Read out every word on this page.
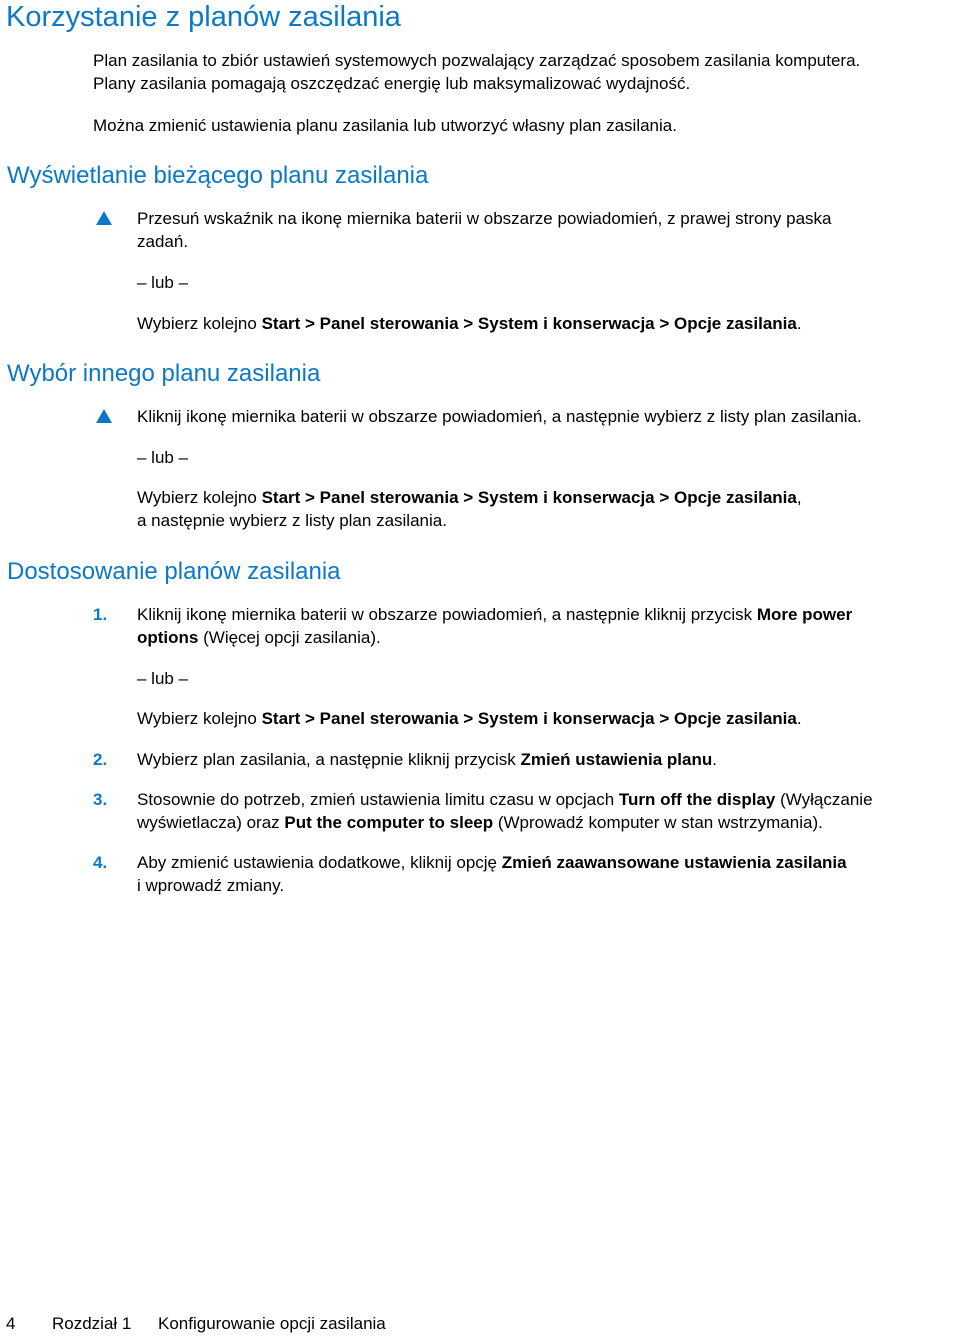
Korzystanie z planów zasilania

Plan zasilania to zbiór ustawień systemowych pozwalający zarządzać sposobem zasilania komputera.

Plany zasilania pomagają oszczędzać energię lub maksymalizować wydajność.

Można zmienić ustawienia planu zasilania lub utworzyć własny plan zasilania.

Wyświetlanie bieżącego planu zasilania

Przesuń wskaźnik na ikonę miernika baterii w obszarze powiadomień, z prawej strony paska

zadań.

– lub –

Wybierz kolejno Start > Panel sterowania > System i konserwacja > Opcje zasilania.

Wybór innego planu zasilania

Kliknij ikonę miernika baterii w obszarze powiadomień, a następnie wybierz z listy plan zasilania.

– lub –

Wybierz kolejno Start > Panel sterowania > System i konserwacja > Opcje zasilania,

a następnie wybierz z listy plan zasilania.

Dostosowanie planów zasilania
1. Kliknij ikonę miernika baterii w obszarze powiadomień, a następnie kliknij przycisk More power

options (Więcej opcji zasilania).

– lub –

Wybierz kolejno Start > Panel sterowania > System i konserwacja > Opcje zasilania.

2. Wybierz plan zasilania, a następnie kliknij przycisk Zmień ustawienia planu.

3. Stosownie do potrzeb, zmień ustawienia limitu czasu w opcjach Turn off the display (Wyłączanie

wyświetlacza) oraz Put the computer to sleep (Wprowadź komputer w stan wstrzymania).

4. Aby zmienić ustawienia dodatkowe, kliknij opcję Zmień zaawansowane ustawienia zasilania

i wprowadź zmiany.

4 Rozdział 1 Konfigurowanie opcji zasilania
